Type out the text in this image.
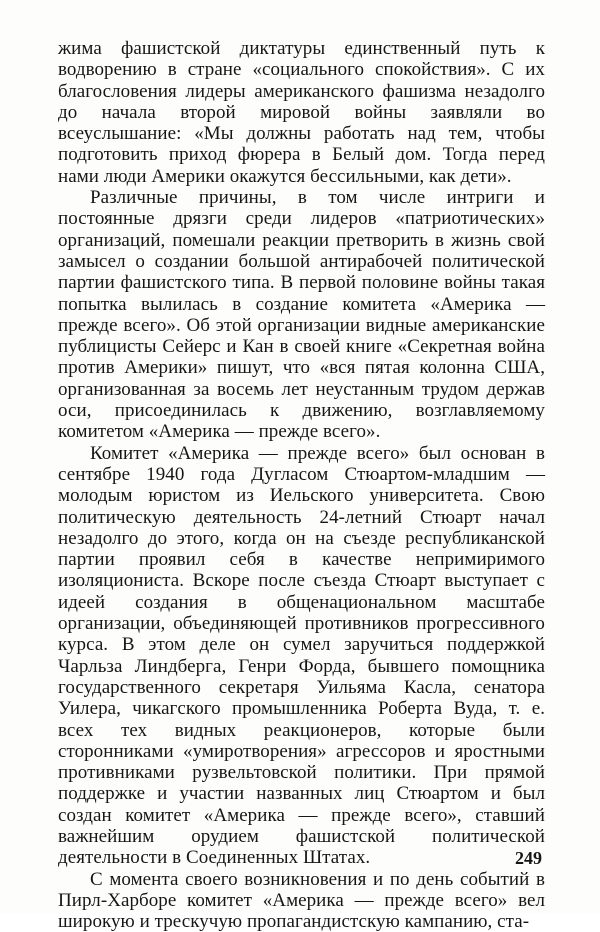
жима фашистской диктатуры единственный путь к водворению в стране «социального спокойствия». С их благословения лидеры американского фашизма незадолго до начала второй мировой войны заявляли во всеуслышание: «Мы должны работать над тем, чтобы подготовить приход фюрера в Белый дом. Тогда перед нами люди Америки окажутся бессильными, как дети».

Различные причины, в том числе интриги и постоянные дрязги среди лидеров «патриотических» организаций, помешали реакции претворить в жизнь свой замысел о создании большой антирабочей политической партии фашистского типа. В первой половине войны такая попытка вылилась в создание комитета «Америка — прежде всего». Об этой организации видные американские публицисты Сейерс и Кан в своей книге «Секретная война против Америки» пишут, что «вся пятая колонна США, организованная за восемь лет неустанным трудом держав оси, присоединилась к движению, возглавляемому комитетом «Америка — прежде всего».

Комитет «Америка — прежде всего» был основан в сентябре 1940 года Дугласом Стюартом-младшим — молодым юристом из Иельского университета. Свою политическую деятельность 24-летний Стюарт начал незадолго до этого, когда он на съезде республиканской партии проявил себя в качестве непримиримого изоляциониста. Вскоре после съезда Стюарт выступает с идеей создания в общенациональном масштабе организации, объединяющей противников прогрессивного курса. В этом деле он сумел заручиться поддержкой Чарльза Линдберга, Генри Форда, бывшего помощника государственного секретаря Уильяма Касла, сенатора Уилера, чикагского промышленника Роберта Вуда, т. е. всех тех видных реакционеров, которые были сторонниками «умиротворения» агрессоров и яростными противниками рузвельтовской политики. При прямой поддержке и участии названных лиц Стюартом и был создан комитет «Америка — прежде всего», ставший важнейшим орудием фашистской политической деятельности в Соединенных Штатах.

С момента своего возникновения и по день событий в Пирл-Харборе комитет «Америка — прежде всего» вел широкую и трескучую пропагандистскую кампанию, ста-

249
